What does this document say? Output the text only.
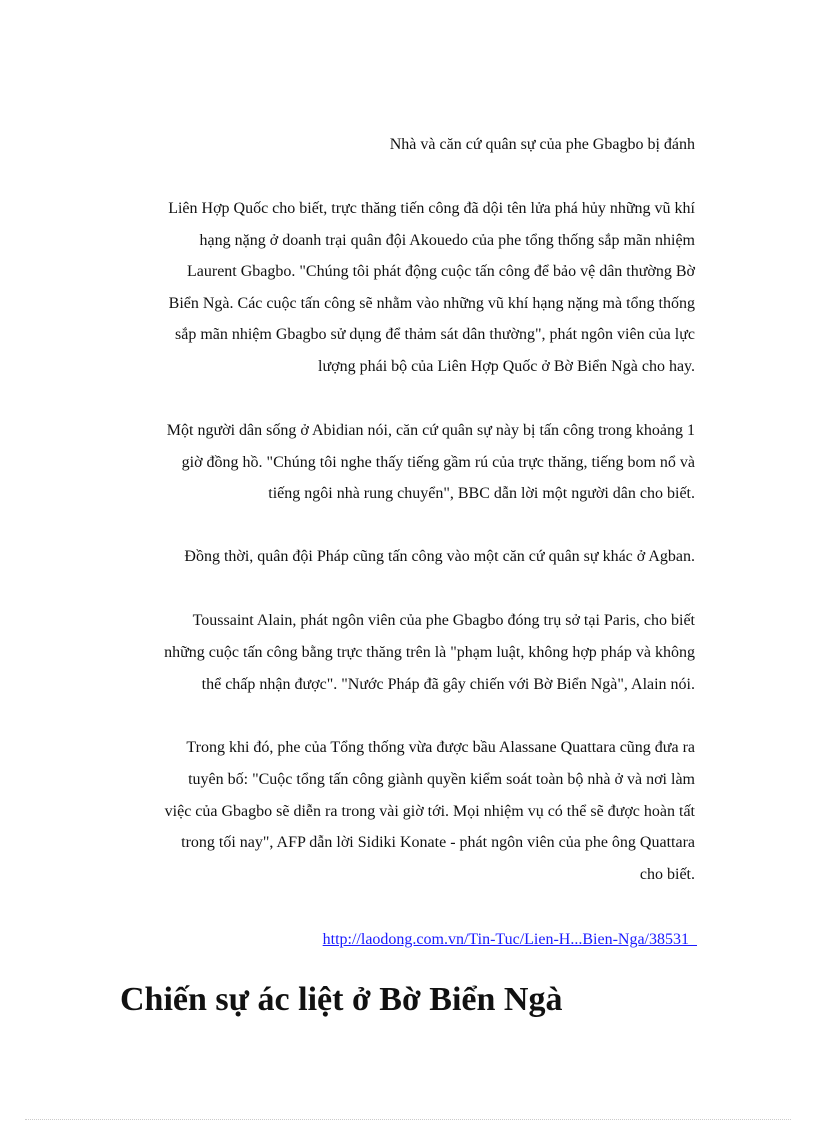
Nhà và căn cứ quân sự của phe Gbagbo bị đánh
Liên Hợp Quốc cho biết, trực thăng tiến công đã dội tên lửa phá hủy những vũ khí
hạng nặng ở doanh trại quân đội Akouedo của phe tổng thống sắp mãn nhiệm
Laurent Gbagbo. "Chúng tôi phát động cuộc tấn công để bảo vệ dân thường Bờ
Biển Ngà. Các cuộc tấn công sẽ nhằm vào những vũ khí hạng nặng mà tổng thống
sắp mãn nhiệm Gbagbo sử dụng để thảm sát dân thường", phát ngôn viên của lực
lượng phái bộ của Liên Hợp Quốc ở Bờ Biển Ngà cho hay.
Một người dân sống ở Abidian nói, căn cứ quân sự này bị tấn công trong khoảng 1
giờ đồng hồ. "Chúng tôi nghe thấy tiếng gầm rú của trực thăng, tiếng bom nổ và
tiếng ngôi nhà rung chuyển", BBC dẫn lời một người dân cho biết.
Đồng thời, quân đội Pháp cũng tấn công vào một căn cứ quân sự khác ở Agban.
Toussaint Alain, phát ngôn viên của phe Gbagbo đóng trụ sở tại Paris, cho biết
những cuộc tấn công bằng trực thăng trên là "phạm luật, không hợp pháp và không
thể chấp nhận được". "Nước Pháp đã gây chiến với Bờ Biển Ngà", Alain nói.
Trong khi đó, phe của Tổng thống vừa được bầu Alassane Quattara cũng đưa ra
tuyên bố: "Cuộc tổng tấn công giành quyền kiểm soát toàn bộ nhà ở và nơi làm
việc của Gbagbo sẽ diễn ra trong vài giờ tới. Mọi nhiệm vụ có thể sẽ được hoàn tất
trong tối nay", AFP dẫn lời Sidiki Konate - phát ngôn viên của phe ông Quattara
cho biết.
http://laodong.com.vn/Tin-Tuc/Lien-H...Bien-Nga/38531
Chiến sự ác liệt ở Bờ Biển Ngà
